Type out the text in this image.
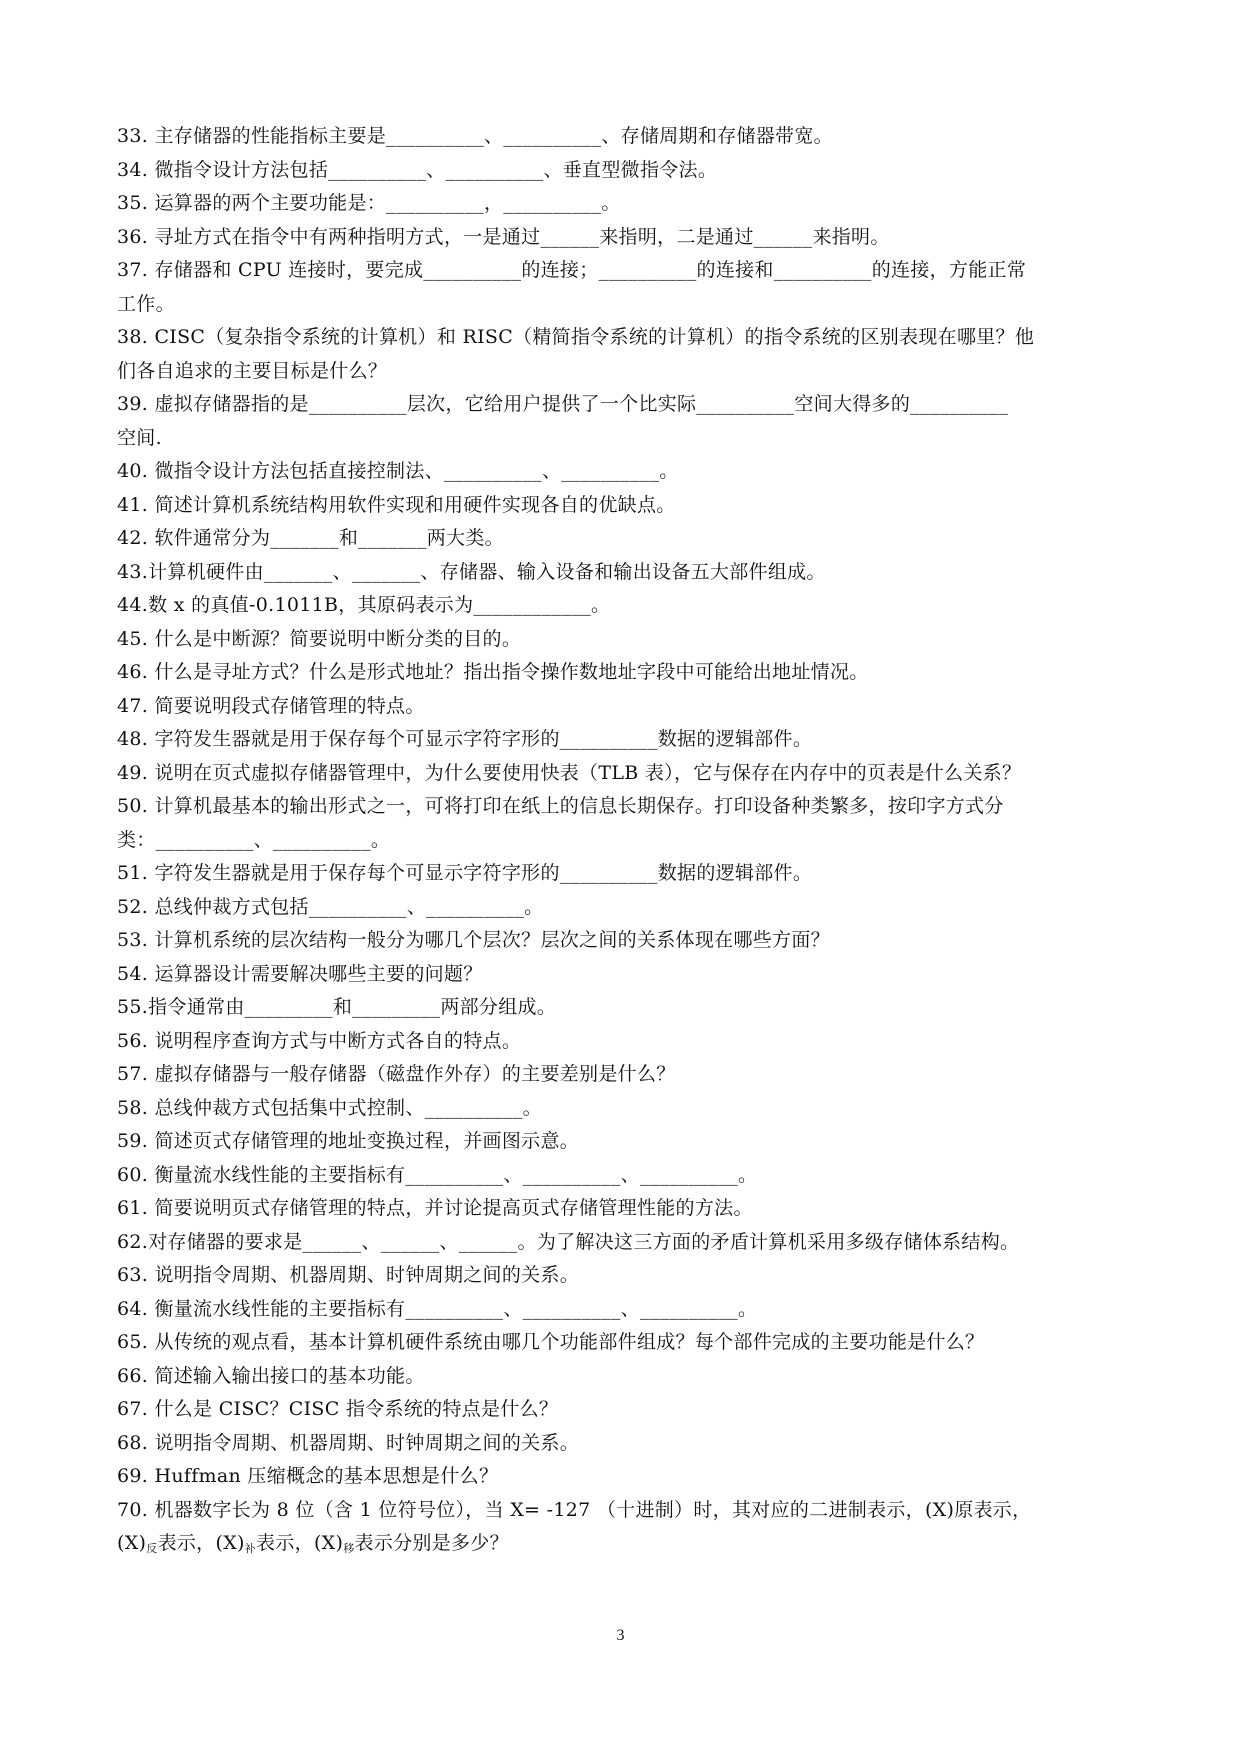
33. 主存储器的性能指标主要是__________、__________、存储周期和存储器带宽。
34. 微指令设计方法包括__________、__________、垂直型微指令法。
35. 运算器的两个主要功能是：__________，__________。
36. 寻址方式在指令中有两种指明方式，一是通过______来指明，二是通过______来指明。
37. 存储器和 CPU 连接时，要完成__________的连接；__________的连接和__________的连接，方能正常
工作。
38. CISC（复杂指令系统的计算机）和 RISC（精简指令系统的计算机）的指令系统的区别表现在哪里？他
们各自追求的主要目标是什么？
39. 虚拟存储器指的是__________层次，它给用户提供了一个比实际__________空间大得多的__________
空间.
40. 微指令设计方法包括直接控制法、__________、__________。
41. 简述计算机系统结构用软件实现和用硬件实现各自的优缺点。
42. 软件通常分为_______和_______两大类。
43.计算机硬件由_______、_______、存储器、输入设备和输出设备五大部件组成。
44.数 x 的真值-0.1011B，其原码表示为____________。
45. 什么是中断源？简要说明中断分类的目的。
46. 什么是寻址方式？什么是形式地址？指出指令操作数地址字段中可能给出地址情况。
47. 简要说明段式存储管理的特点。
48. 字符发生器就是用于保存每个可显示字符字形的__________数据的逻辑部件。
49. 说明在页式虚拟存储器管理中，为什么要使用快表（TLB 表），它与保存在内存中的页表是什么关系？
50. 计算机最基本的输出形式之一，可将打印在纸上的信息长期保存。打印设备种类繁多，按印字方式分
类：__________、__________。
51. 字符发生器就是用于保存每个可显示字符字形的__________数据的逻辑部件。
52. 总线仲裁方式包括__________、__________。
53. 计算机系统的层次结构一般分为哪几个层次？层次之间的关系体现在哪些方面？
54. 运算器设计需要解决哪些主要的问题？
55.指令通常由_________和_________两部分组成。
56. 说明程序查询方式与中断方式各自的特点。
57. 虚拟存储器与一般存储器（磁盘作外存）的主要差别是什么？
58. 总线仲裁方式包括集中式控制、__________。
59. 简述页式存储管理的地址变换过程，并画图示意。
60. 衡量流水线性能的主要指标有__________、__________、__________。
61. 简要说明页式存储管理的特点，并讨论提高页式存储管理性能的方法。
62.对存储器的要求是______、______、______。为了解决这三方面的矛盾计算机采用多级存储体系结构。
63. 说明指令周期、机器周期、时钟周期之间的关系。
64. 衡量流水线性能的主要指标有__________、__________、__________。
65. 从传统的观点看，基本计算机硬件系统由哪几个功能部件组成？每个部件完成的主要功能是什么？
66. 简述输入输出接口的基本功能。
67. 什么是 CISC？CISC 指令系统的特点是什么？
68. 说明指令周期、机器周期、时钟周期之间的关系。
69. Huffman 压缩概念的基本思想是什么？
70. 机器数字长为 8 位（含 1 位符号位），当 X= -127 （十进制）时，其对应的二进制表示，(X)原表示，
$(X)_反$表示，$(X)_补$表示，$(X)_移$表示分别是多少？
3
